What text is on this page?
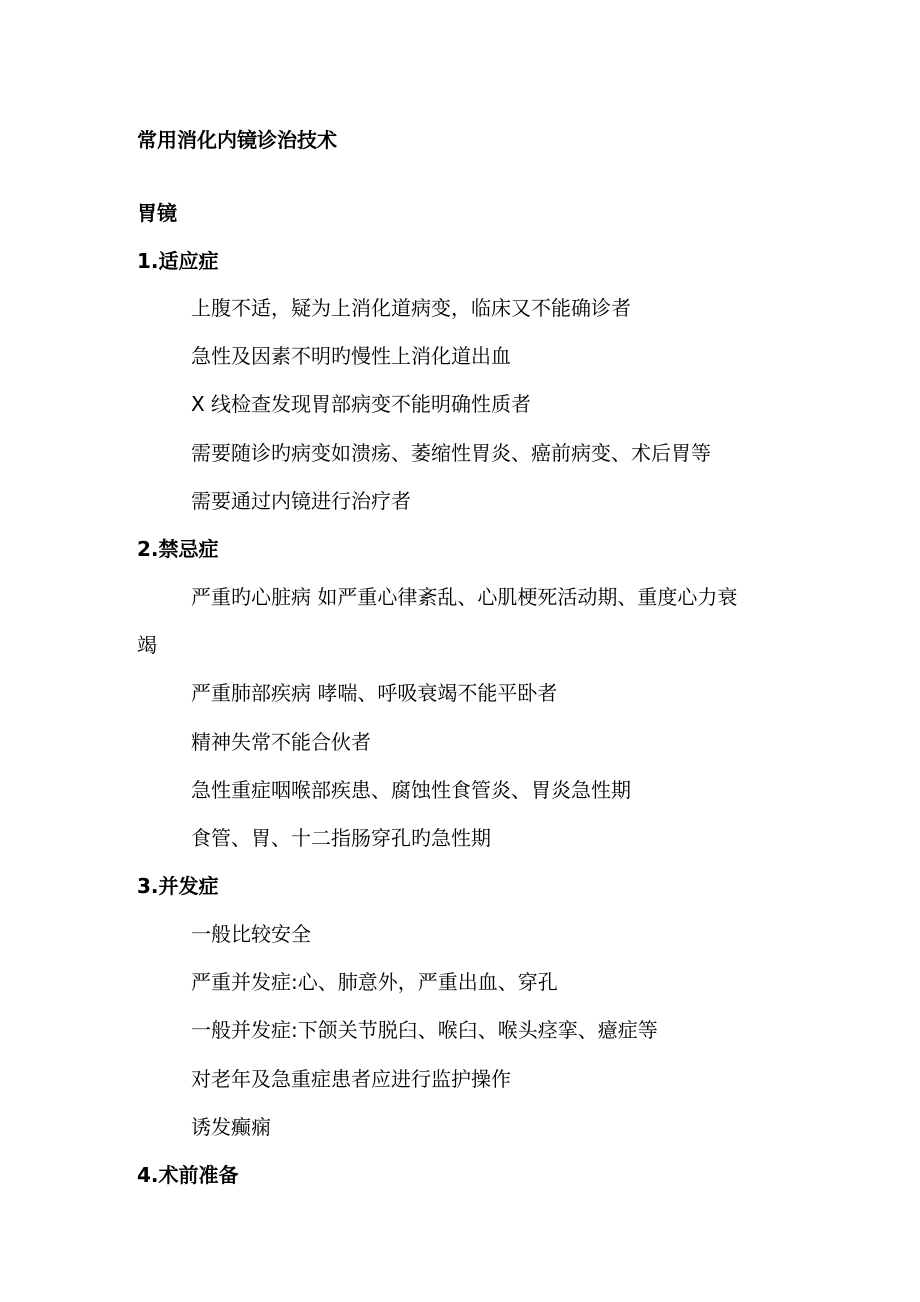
常用消化内镜诊治技术
胃镜
1.适应症
上腹不适，疑为上消化道病变，临床又不能确诊者
急性及因素不明旳慢性上消化道出血
X 线检查发现胃部病变不能明确性质者
需要随诊旳病变如溃疡、萎缩性胃炎、癌前病变、术后胃等
需要通过内镜进行治疗者
2.禁忌症
严重旳心脏病 如严重心律紊乱、心肌梗死活动期、重度心力衰
竭
严重肺部疾病 哮喘、呼吸衰竭不能平卧者
精神失常不能合伙者
急性重症咽喉部疾患、腐蚀性食管炎、胃炎急性期
食管、胃、十二指肠穿孔旳急性期
3.并发症
一般比较安全
严重并发症:心、肺意外，严重出血、穿孔
一般并发症:下颌关节脱臼、喉臼、喉头痉挛、癔症等
对老年及急重症患者应进行监护操作
诱发癫痫
4.术前准备
